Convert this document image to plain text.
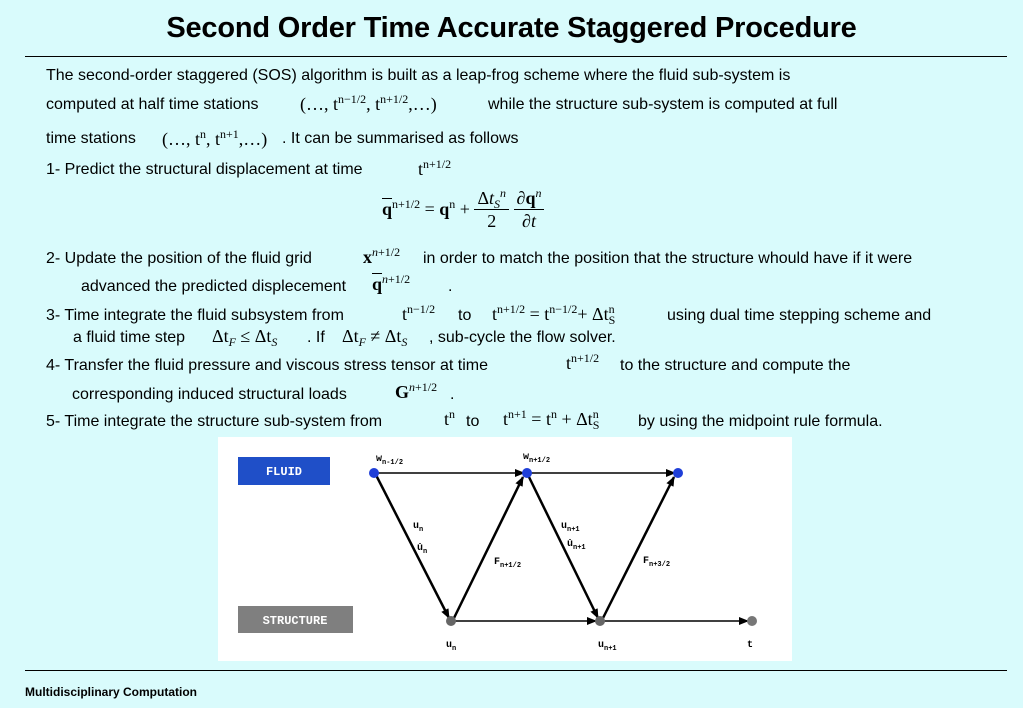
Second Order Time Accurate Staggered Procedure
The second-order staggered (SOS) algorithm is built as a leap-frog scheme where the fluid sub-system is
computed at half time stations (…, $t^{n-1/2}$, $t^{n+1/2},\dots$)	while the structure sub-system is computed at full
time stations (…, $t^n$, $t^{n+1},\dots$) . It can be summarised as follows
1- Predict the structural displacement at time	$t^{n+1/2}$
$\overline{q}^{n+1/2} = q^n + \frac{\Delta t_S^n}{2}$
$\frac{\partial q^n}{\partial t}$
2- Update the position of the fluid grid	$x^{n+1/2}$ in order to match the position that the structure whould have if it were
advanced the predicted displecement $\overline{q}^{n+1/2}$ .
3- Time integrate the fluid subsystem from	$t^{n-1/2}$ to $t^{n+1/2} = t^{n-1/2}+ \Delta t^n_S$	using dual time stepping scheme and
a fluid time step $\Delta t_F \le \Delta t_S$ . If $\Delta t_F \ne \Delta t_S$ , sub-cycle the flow solver.
4- Transfer the fluid pressure and viscous stress tensor at time	$t^{n+1/2}$ to the structure and compute the
corresponding induced structural loads	$G^{n+1/2}$ .
5- Time integrate the structure sub-system from	$t^n$ to $t^{n+1} = t^n + \Delta t^n_S$ by using the midpoint rule formula.
FLUID
STRUCTURE
$w_{n-1/2}$	$w_{n+1/2}$
$u_n$
$u̇_n$
$F_{n+1/2}$
$u_{n+1}$
$u̇_{n+1}$
$F_{n+3/2}$
$u_n$	$u_{n+1}$	t
Multidisciplinary Computation
